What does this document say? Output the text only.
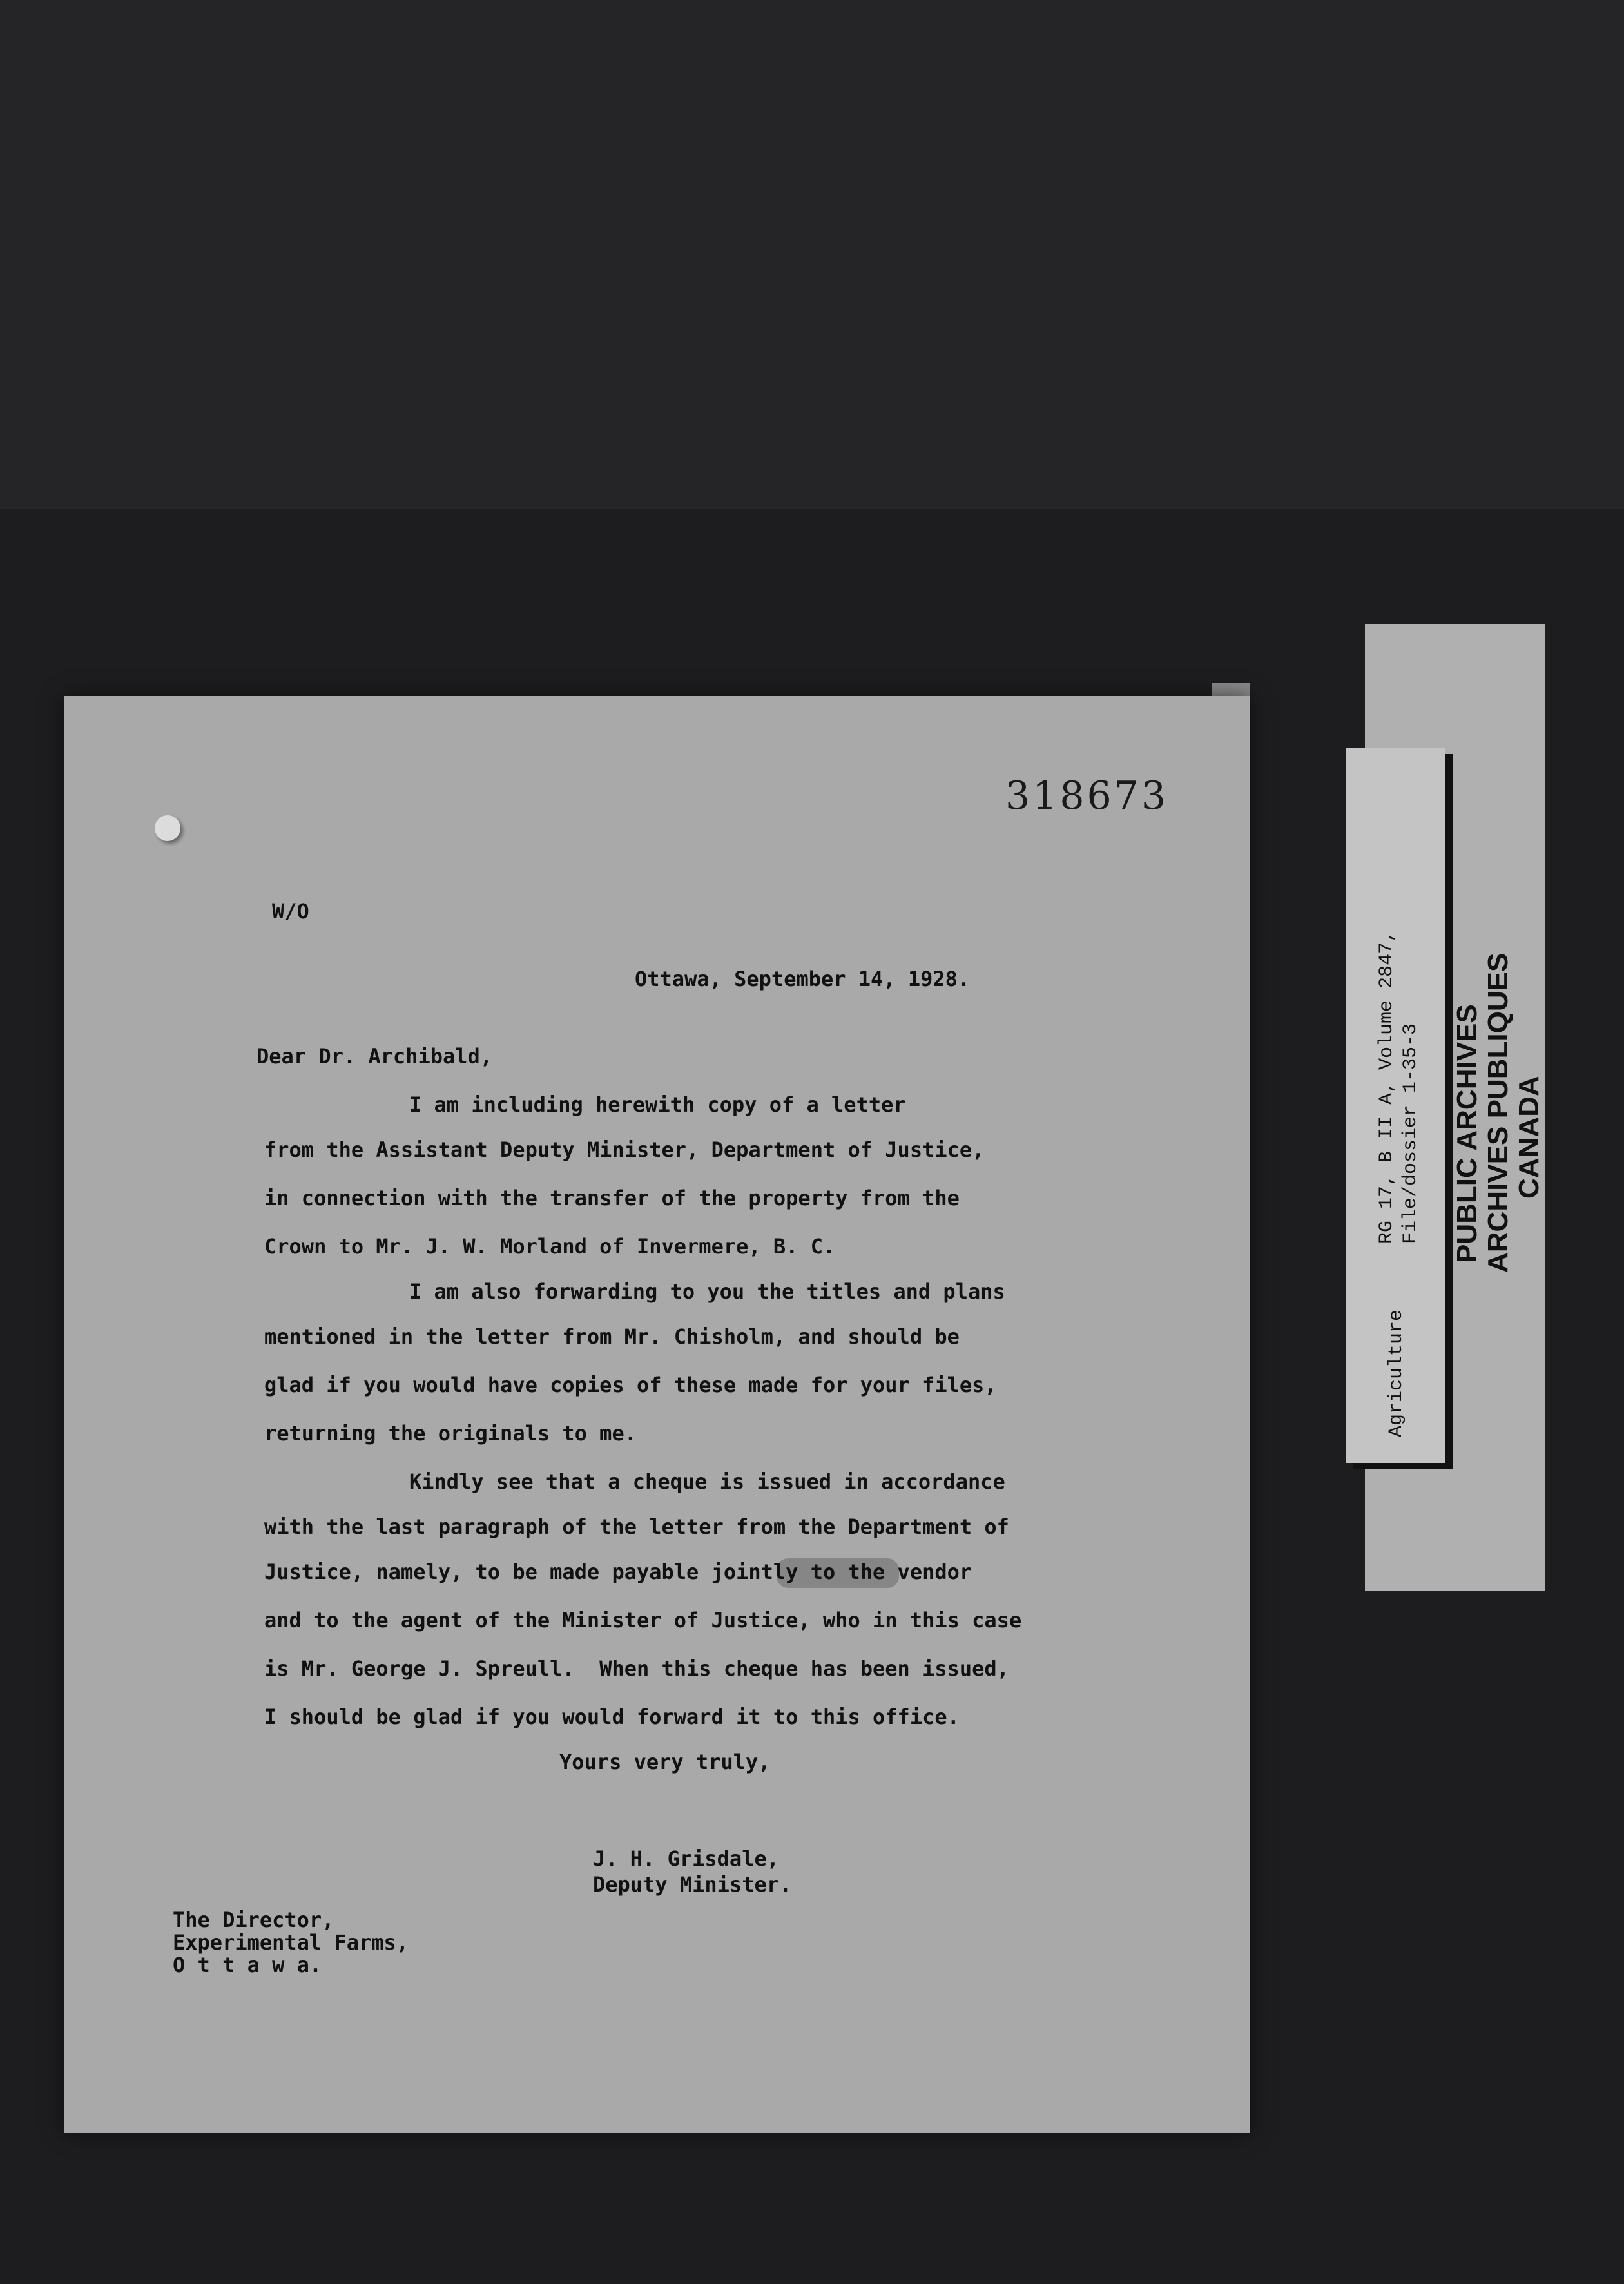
318673
W/O
Ottawa, September 14, 1928.
Dear Dr. Archibald,
I am including herewith copy of a letter
from the Assistant Deputy Minister, Department of Justice,
in connection with the transfer of the property from the
Crown to Mr. J. W. Morland of Invermere, B. C.
I am also forwarding to you the titles and plans
mentioned in the letter from Mr. Chisholm, and should be
glad if you would have copies of these made for your files,
returning the originals to me.
Kindly see that a cheque is issued in accordance
with the last paragraph of the letter from the Department of
Justice, namely, to be made payable jointly to the vendor
and to the agent of the Minister of Justice, who in this case
is Mr. George J. Spreull.  When this cheque has been issued,
I should be glad if you would forward it to this office.
Yours very truly,
J. H. Grisdale,
Deputy Minister.
The Director,
Experimental Farms,
O t t a w a.
RG 17, B II A, Volume 2847, File/dossier 1-35-3
Agriculture
PUBLIC ARCHIVES ARCHIVES PUBLIQUES CANADA
